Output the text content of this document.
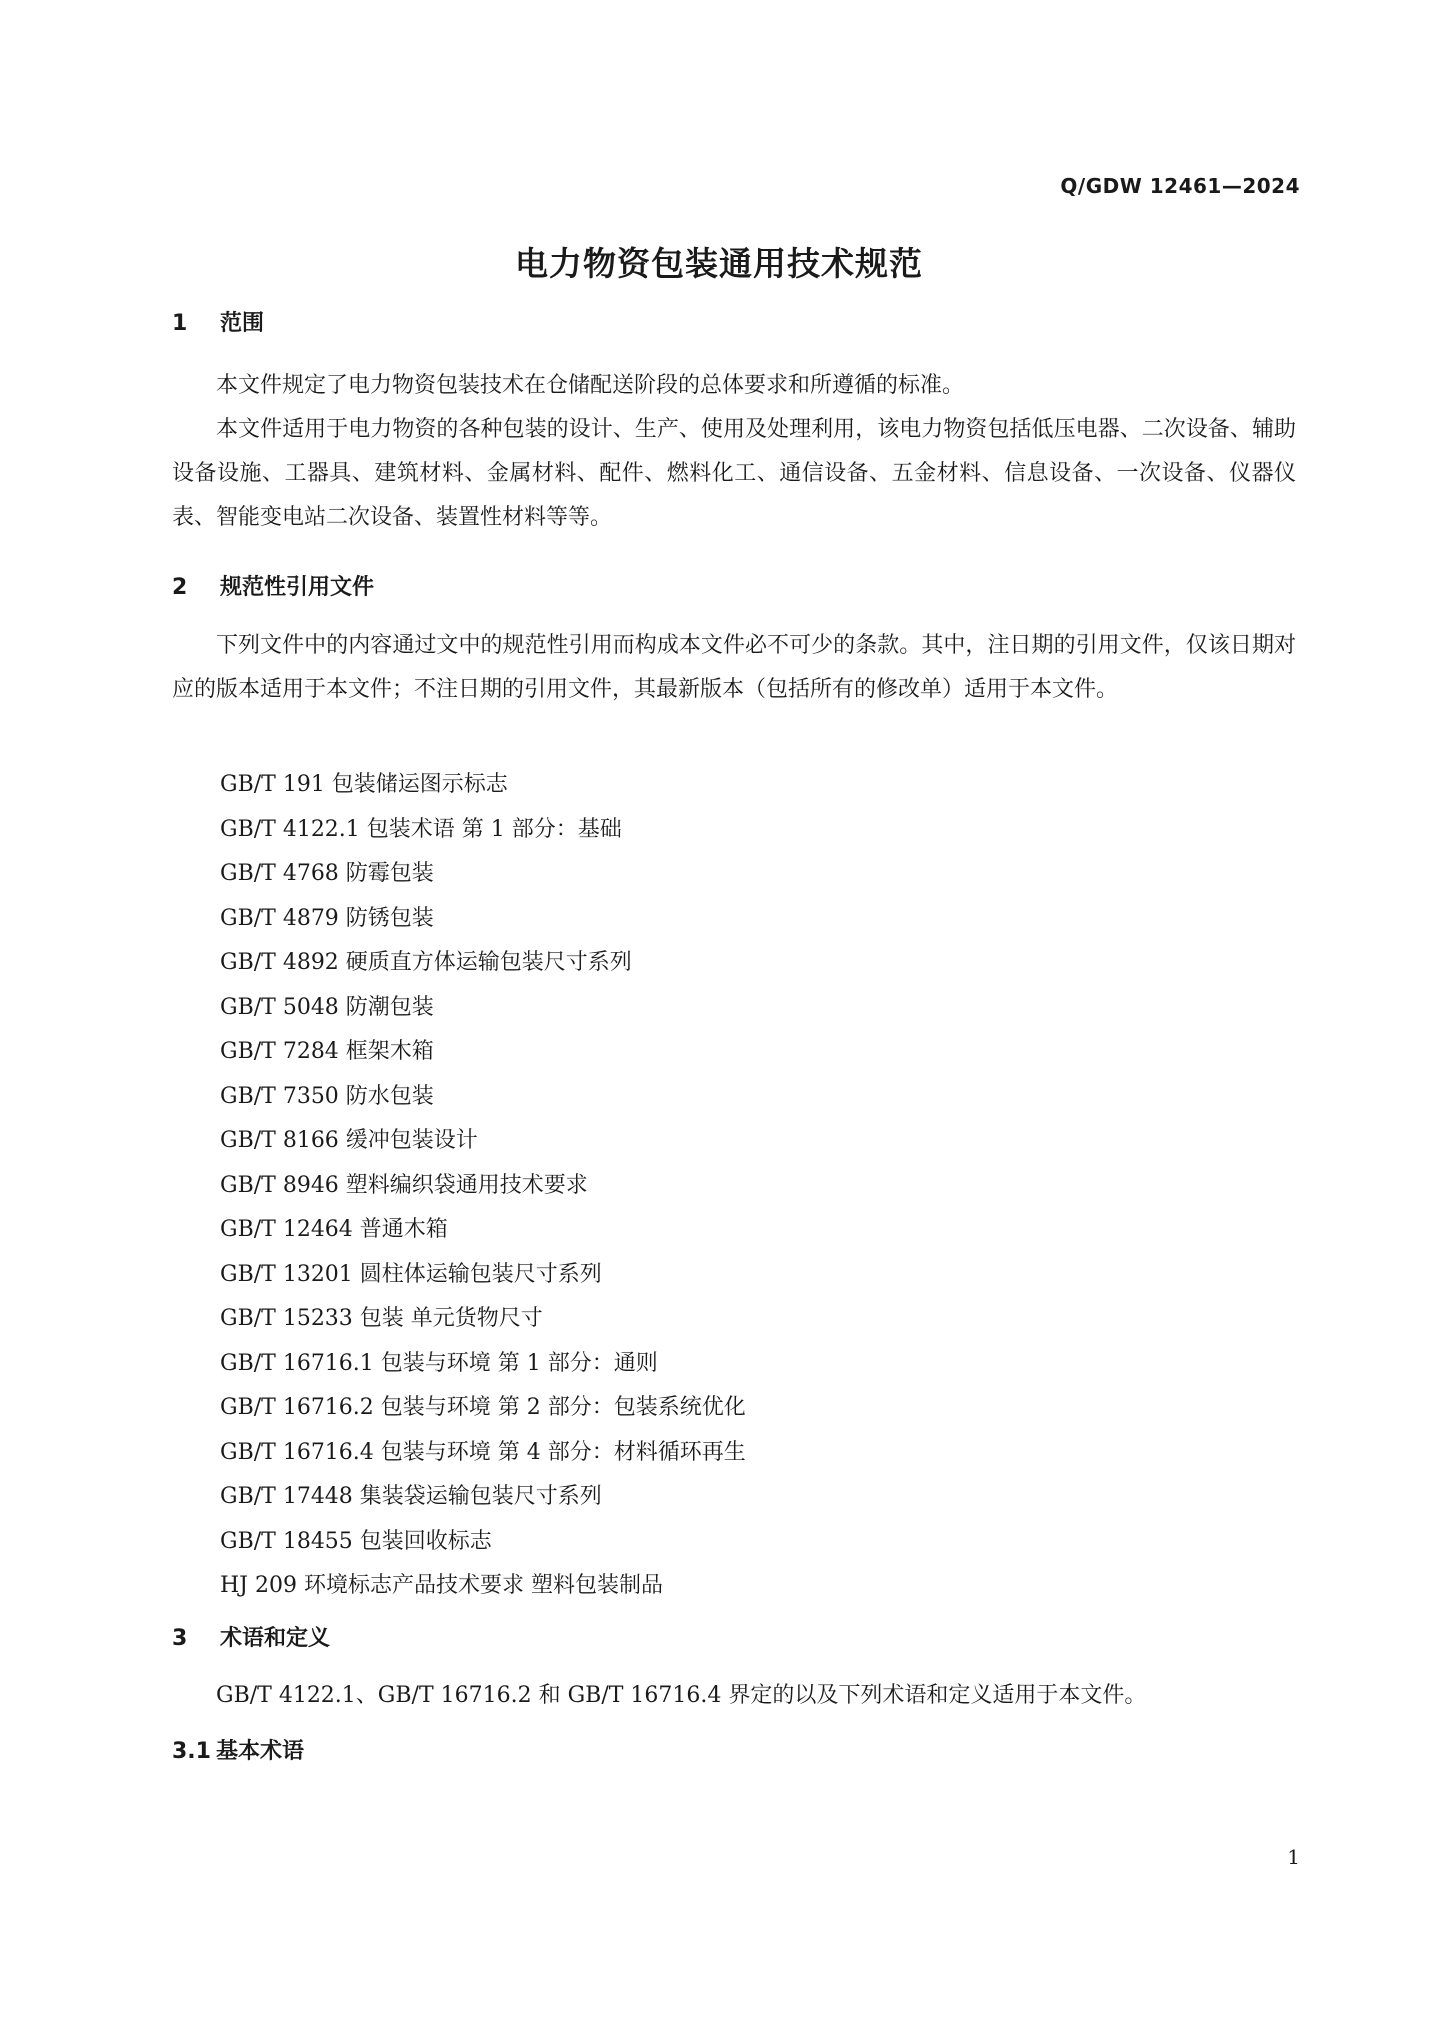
Q/GDW 12461—2024
电力物资包装通用技术规范
1 范围

本文件规定了电力物资包装技术在仓储配送阶段的总体要求和所遵循的标准。

本文件适用于电力物资的各种包装的设计、生产、使用及处理利用，该电力物资包括低压电器、二次设备、辅助设备设施、工器具、建筑材料、金属材料、配件、燃料化工、通信设备、五金材料、信息设备、一次设备、仪器仪表、智能变电站二次设备、装置性材料等等。

2 规范性引用文件

下列文件中的内容通过文中的规范性引用而构成本文件必不可少的条款。其中，注日期的引用文件，仅该日期对应的版本适用于本文件；不注日期的引用文件，其最新版本（包括所有的修改单）适用于本文件。

GB/T 191 包装储运图示标志
GB/T 4122.1 包装术语 第 1 部分：基础
GB/T 4768 防霉包装
GB/T 4879 防锈包装
GB/T 4892 硬质直方体运输包装尺寸系列
GB/T 5048 防潮包装
GB/T 7284 框架木箱
GB/T 7350 防水包装
GB/T 8166 缓冲包装设计
GB/T 8946 塑料编织袋通用技术要求
GB/T 12464 普通木箱
GB/T 13201 圆柱体运输包装尺寸系列
GB/T 15233 包装 单元货物尺寸
GB/T 16716.1 包装与环境 第 1 部分：通则
GB/T 16716.2 包装与环境 第 2 部分：包装系统优化
GB/T 16716.4 包装与环境 第 4 部分：材料循环再生
GB/T 17448 集装袋运输包装尺寸系列
GB/T 18455 包装回收标志
HJ 209 环境标志产品技术要求 塑料包装制品
3 术语和定义

GB/T 4122.1、GB/T 16716.2 和 GB/T 16716.4 界定的以及下列术语和定义适用于本文件。

3.1 基本术语
1
